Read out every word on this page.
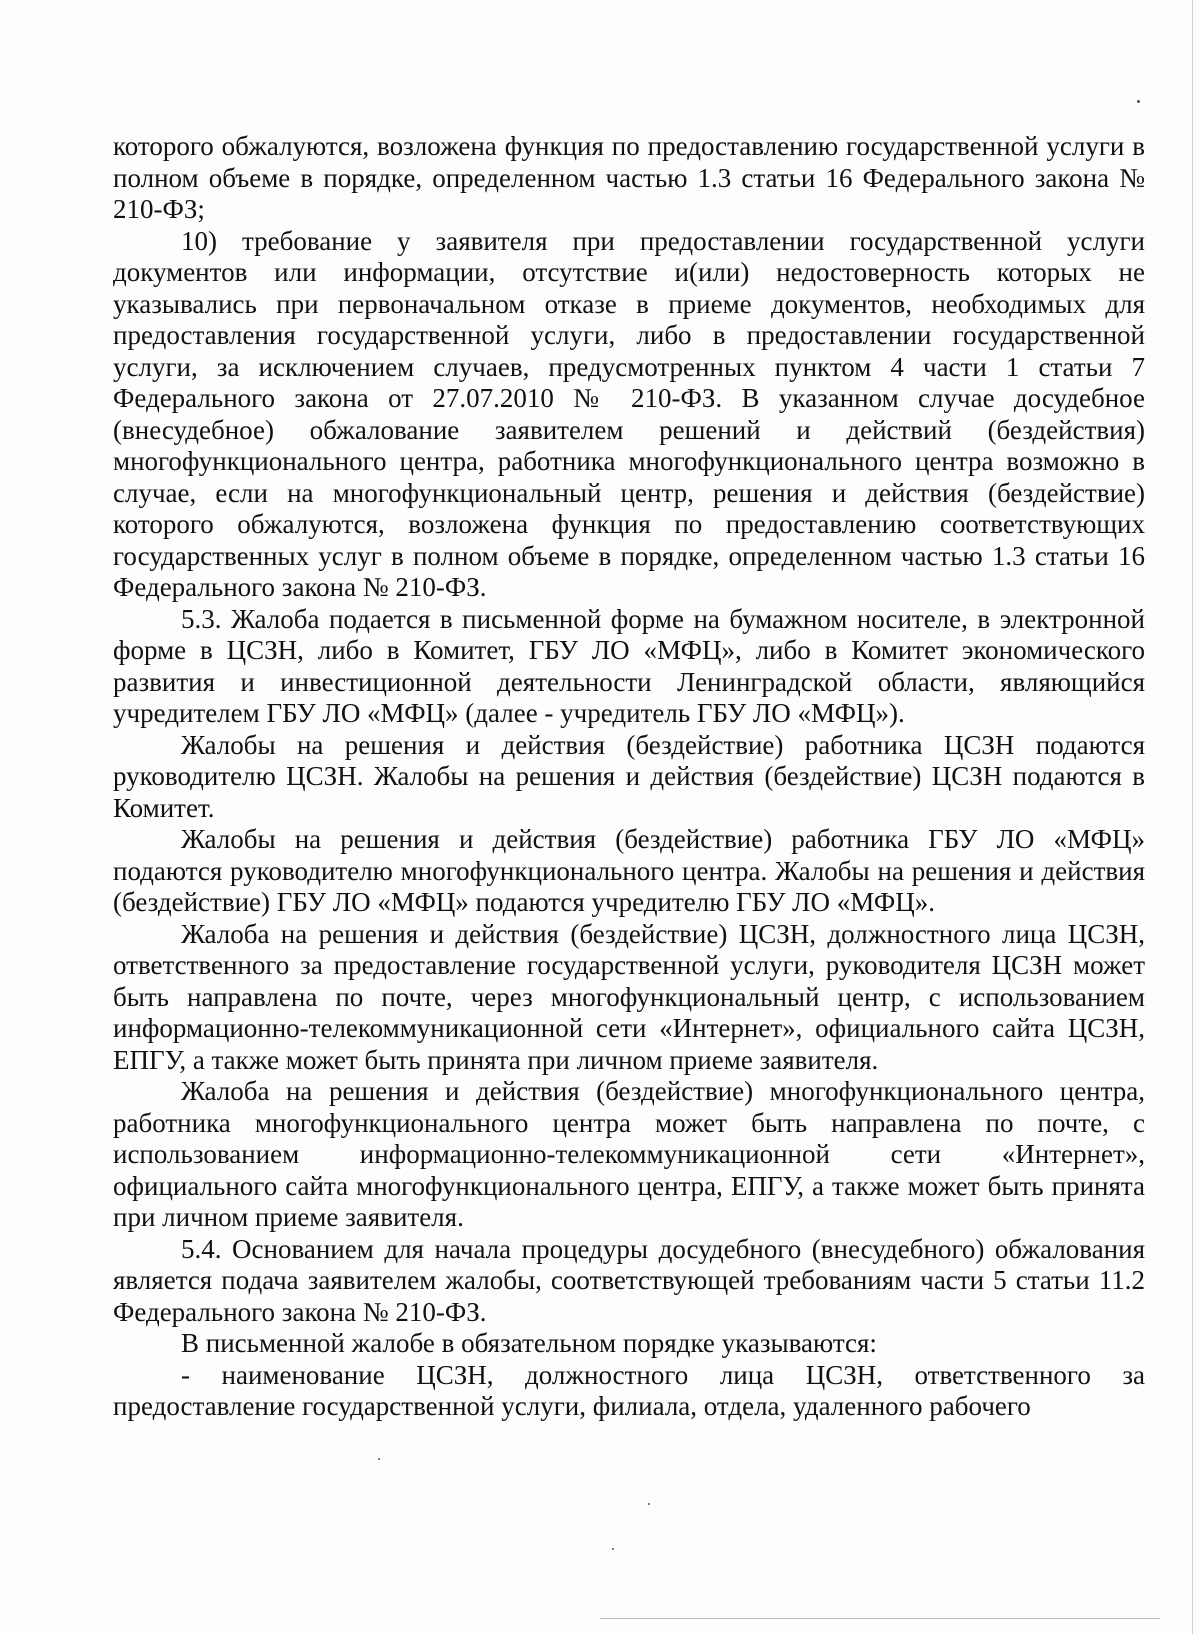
которого обжалуются, возложена функция по предоставлению государственной услуги в полном объеме в порядке, определенном частью 1.3 статьи 16 Федерального закона № 210-ФЗ;

10) требование у заявителя при предоставлении государственной услуги документов или информации, отсутствие и(или) недостоверность которых не указывались при первоначальном отказе в приеме документов, необходимых для предоставления государственной услуги, либо в предоставлении государственной услуги, за исключением случаев, предусмотренных пунктом 4 части 1 статьи 7 Федерального закона от 27.07.2010 № 210-ФЗ. В указанном случае досудебное (внесудебное) обжалование заявителем решений и действий (бездействия) многофункционального центра, работника многофункционального центра возможно в случае, если на многофункциональный центр, решения и действия (бездействие) которого обжалуются, возложена функция по предоставлению соответствующих государственных услуг в полном объеме в порядке, определенном частью 1.3 статьи 16 Федерального закона № 210-ФЗ.

5.3. Жалоба подается в письменной форме на бумажном носителе, в электронной форме в ЦСЗН, либо в Комитет, ГБУ ЛО «МФЦ», либо в Комитет экономического развития и инвестиционной деятельности Ленинградской области, являющийся учредителем ГБУ ЛО «МФЦ» (далее - учредитель ГБУ ЛО «МФЦ»).

Жалобы на решения и действия (бездействие) работника ЦСЗН подаются руководителю ЦСЗН. Жалобы на решения и действия (бездействие) ЦСЗН подаются в Комитет.

Жалобы на решения и действия (бездействие) работника ГБУ ЛО «МФЦ» подаются руководителю многофункционального центра. Жалобы на решения и действия (бездействие) ГБУ ЛО «МФЦ» подаются учредителю ГБУ ЛО «МФЦ».

Жалоба на решения и действия (бездействие) ЦСЗН, должностного лица ЦСЗН, ответственного за предоставление государственной услуги, руководителя ЦСЗН может быть направлена по почте, через многофункциональный центр, с использованием информационно-телекоммуникационной сети «Интернет», официального сайта ЦСЗН, ЕПГУ, а также может быть принята при личном приеме заявителя.

Жалоба на решения и действия (бездействие) многофункционального центра, работника многофункционального центра может быть направлена по почте, с использованием информационно-телекоммуникационной сети «Интернет», официального сайта многофункционального центра, ЕПГУ, а также может быть принята при личном приеме заявителя.

5.4. Основанием для начала процедуры досудебного (внесудебного) обжалования является подача заявителем жалобы, соответствующей требованиям части 5 статьи 11.2 Федерального закона № 210-ФЗ.

В письменной жалобе в обязательном порядке указываются:

- наименование ЦСЗН, должностного лица ЦСЗН, ответственного за предоставление государственной услуги, филиала, отдела, удаленного рабочего
